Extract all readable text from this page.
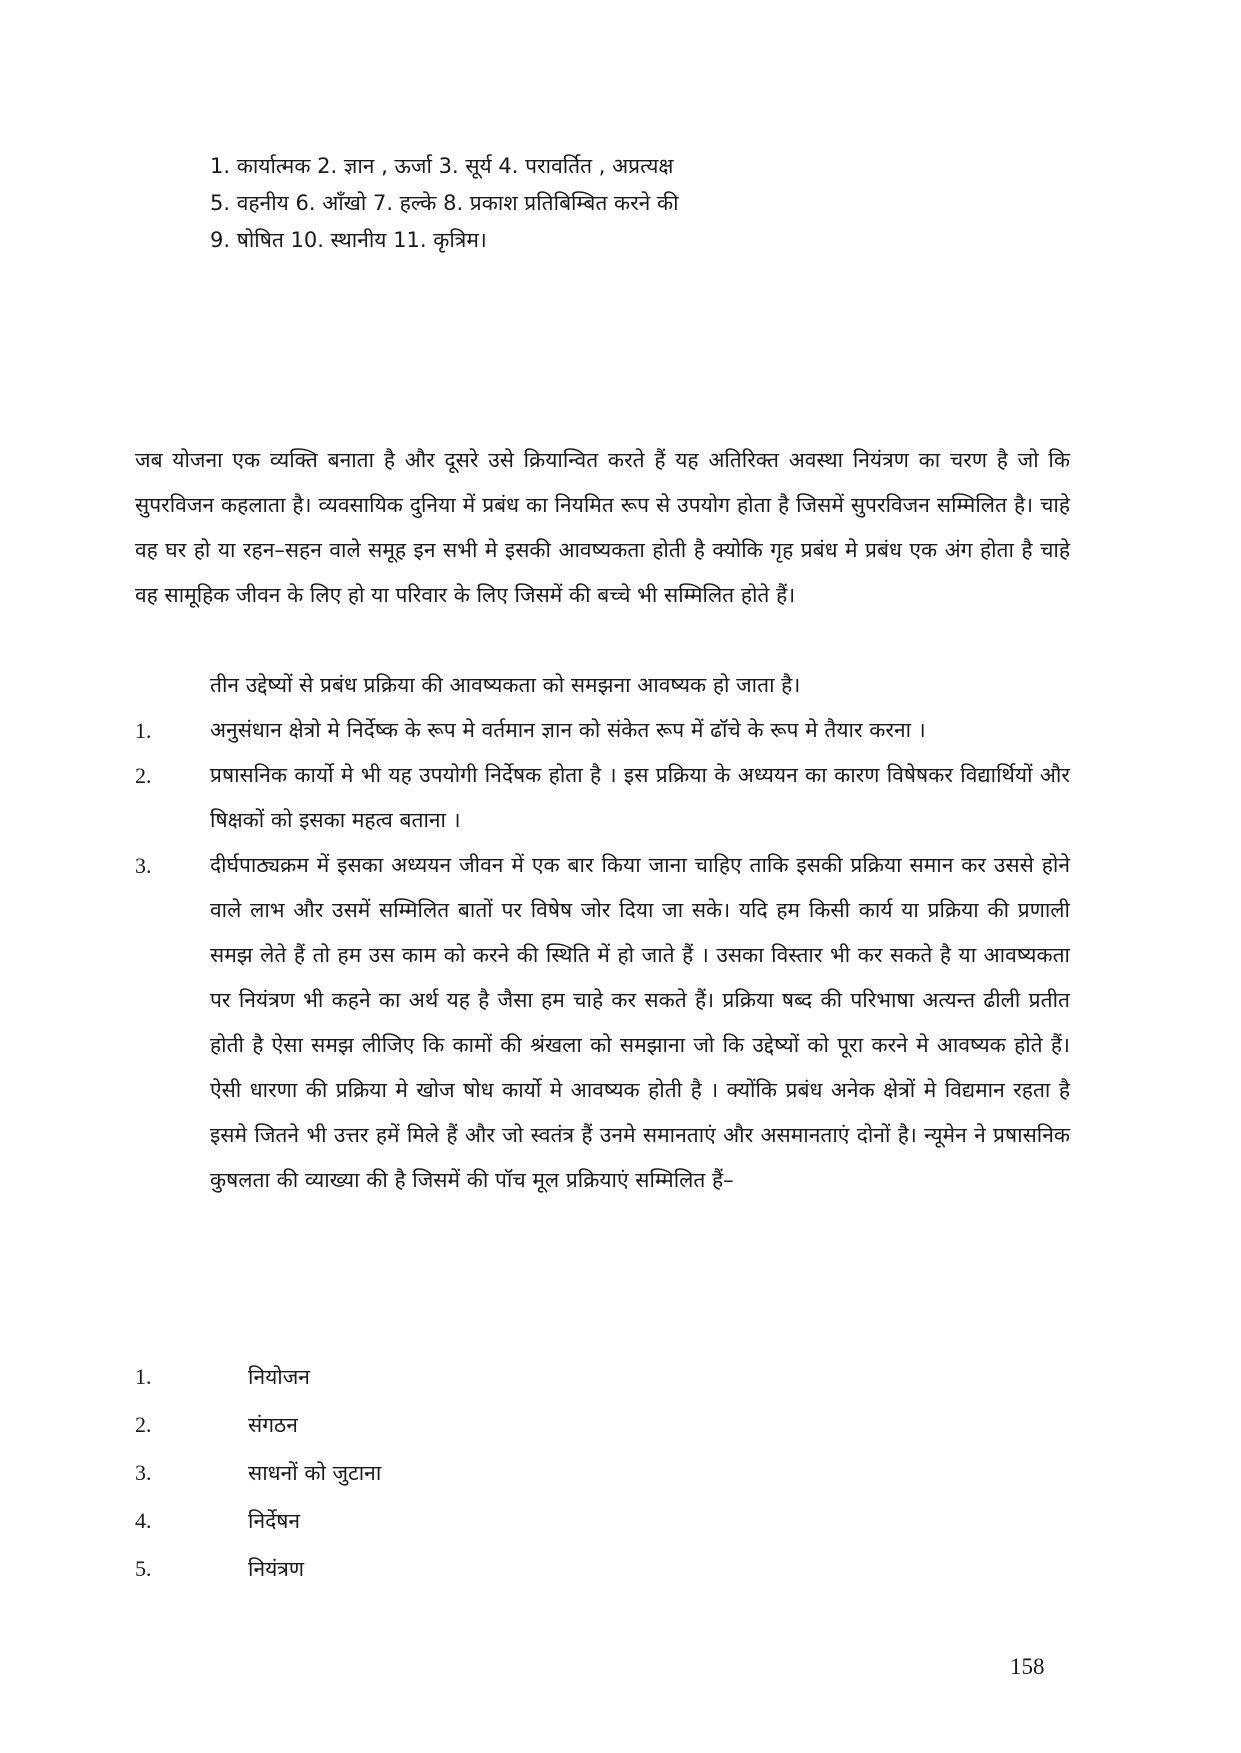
1. कार्यात्मक 2. ज्ञान , ऊर्जा 3. सूर्य 4. परावर्तित , अप्रत्यक्ष
5. वहनीय 6. आँखो 7. हल्के 8. प्रकाश प्रतिबिम्बित करने की
9. षोषित 10. स्थानीय 11. कृत्रिम।

जब योजना एक व्यक्ति बनाता है और दूसरे उसे क्रियान्वित करते हैं यह अतिरिक्त अवस्था नियंत्रण का चरण है जो कि सुपरविजन कहलाता है। व्यवसायिक दुनिया में प्रबंध का नियमित रूप से उपयोग होता है जिसमें सुपरविजन सम्मिलित है। चाहे वह घर हो या रहन–सहन वाले समूह इन सभी मे इसकी आवष्यकता होती है क्योकि गृह प्रबंध मे प्रबंध एक अंग होता है चाहे वह सामूहिक जीवन के लिए हो या परिवार के लिए जिसमें की बच्चे भी सम्मिलित होते हैं।

तीन उद्देष्यों से प्रबंध प्रक्रिया की आवष्यकता को समझना आवष्यक हो जाता है।

1.	अनुसंधान क्षेत्रो मे निर्देष्क के रूप मे वर्तमान ज्ञान को संकेत रूप में ढॉचे के रूप मे तैयार करना ।
2.	प्रषासनिक कार्यो मे भी यह उपयोगी निर्देषक होता है । इस प्रक्रिया के अध्ययन का कारण विषेषकर विद्यार्थियों और षिक्षकों को इसका महत्व बताना ।
3.	दीर्घपाठ्यक्रम में इसका अध्ययन जीवन में एक बार किया जाना चाहिए ताकि इसकी प्रक्रिया समान कर उससे होने वाले लाभ और उसमें सम्मिलित बातों पर विषेष जोर दिया जा सके। यदि हम किसी कार्य या प्रक्रिया की प्रणाली समझ लेते हैं तो हम उस काम को करने की स्थिति में हो जाते हैं । उसका विस्तार भी कर सकते है या आवष्यकता पर नियंत्रण भी कहने का अर्थ यह है जैसा हम चाहे कर सकते हैं। प्रक्रिया षब्द की परिभाषा अत्यन्त ढीली प्रतीत होती है ऐसा समझ लीजिए कि कामों की श्रंखला को समझाना जो कि उद्देष्यों को पूरा करने मे आवष्यक होते हैं। ऐसी धारणा की प्रक्रिया मे खोज षोध कार्यो मे आवष्यक होती है । क्योंकि प्रबंध अनेक क्षेत्रों मे विद्यमान रहता है इसमे जितने भी उत्तर हमें मिले हैं और जो स्वतंत्र हैं उनमे समानताएं और असमानताएं दोनों है। न्यूमेन ने प्रषासनिक कुषलता की व्याख्या की है जिसमें की पॉच मूल प्रक्रियाएं सम्मिलित हैं–
1.	नियोजन
2.	संगठन
3.	साधनों को जुटाना
4.	निर्देषन
5.	नियंत्रण
158
